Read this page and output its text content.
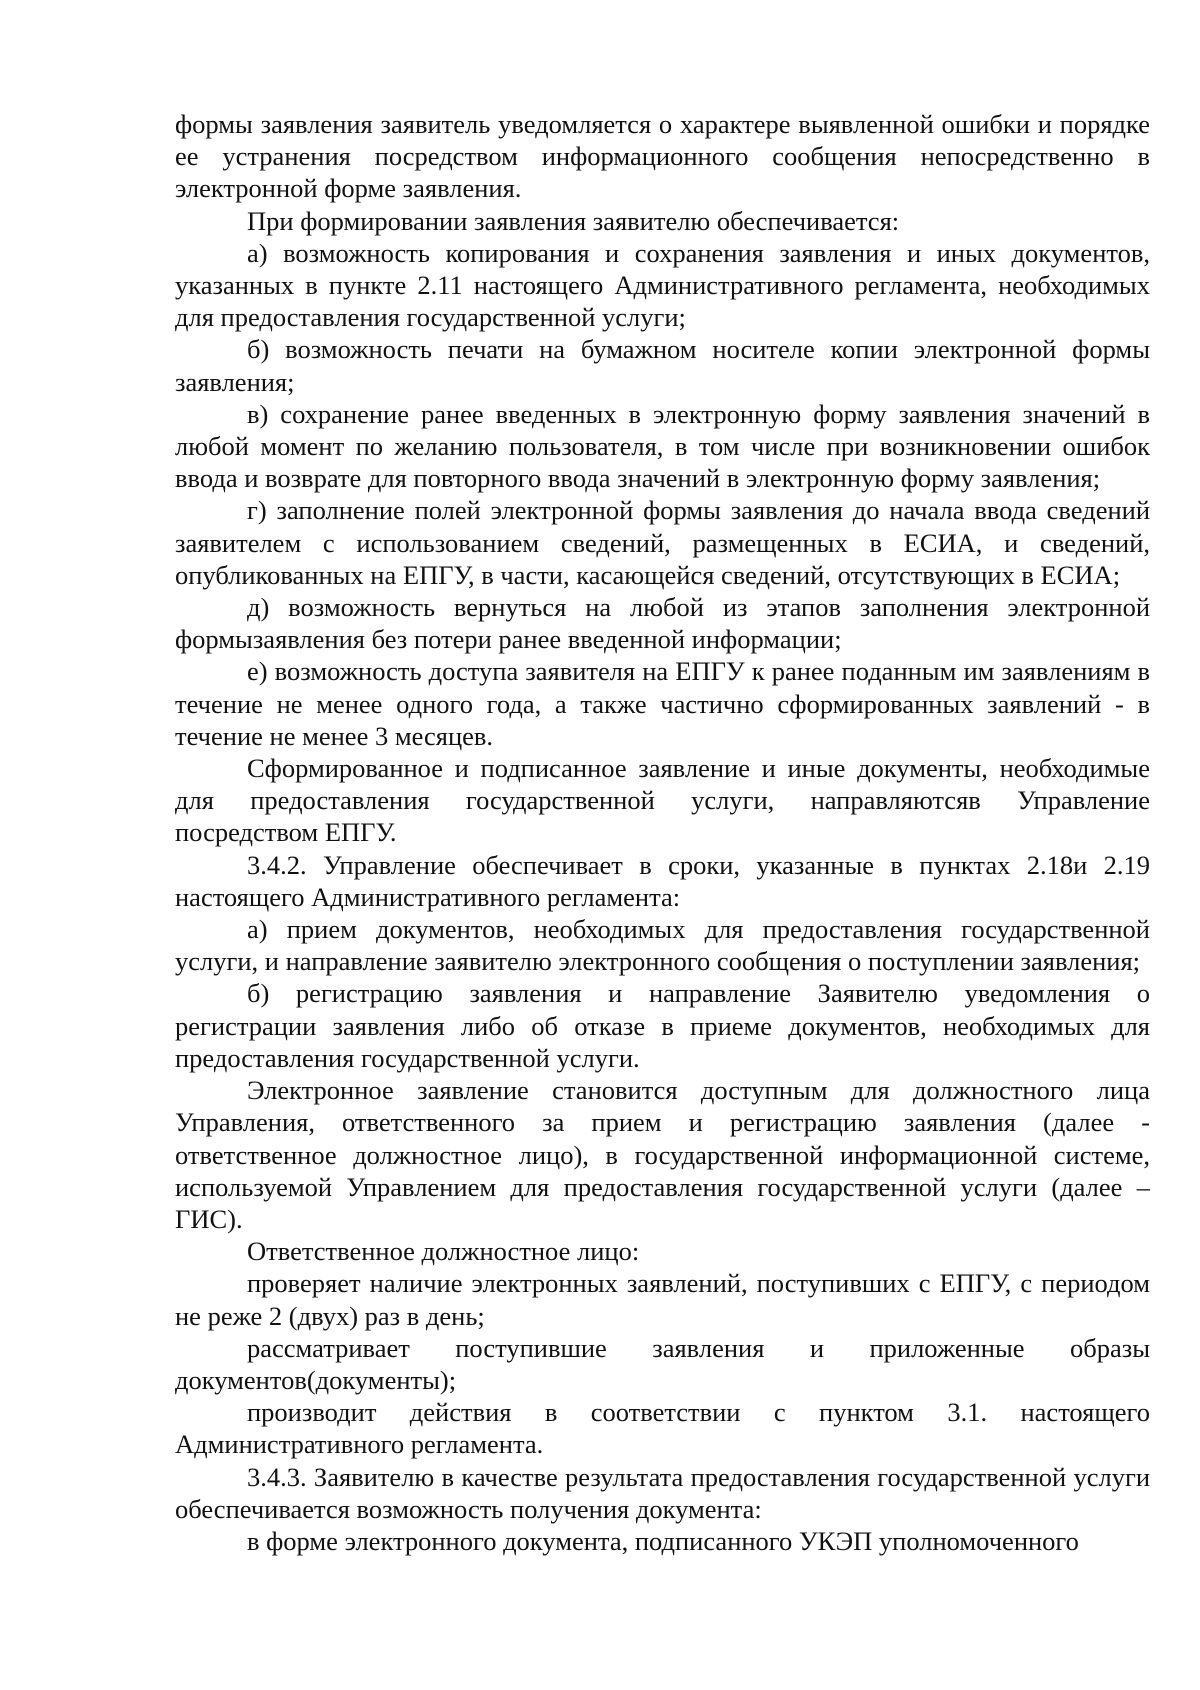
формы заявления заявитель уведомляется о характере выявленной ошибки и порядке ее устранения посредством информационного сообщения непосредственно в электронной форме заявления.

При формировании заявления заявителю обеспечивается:

а) возможность копирования и сохранения заявления и иных документов, указанных в пункте 2.11 настоящего Административного регламента, необходимых для предоставления государственной услуги;

б) возможность печати на бумажном носителе копии электронной формы заявления;

в) сохранение ранее введенных в электронную форму заявления значений в любой момент по желанию пользователя, в том числе при возникновении ошибок ввода и возврате для повторного ввода значений в электронную форму заявления;

г) заполнение полей электронной формы заявления до начала ввода сведений заявителем с использованием сведений, размещенных в ЕСИА, и сведений, опубликованных на ЕПГУ, в части, касающейся сведений, отсутствующих в ЕСИА;

д) возможность вернуться на любой из этапов заполнения электронной формызаявления без потери ранее введенной информации;

е) возможность доступа заявителя на ЕПГУ к ранее поданным им заявлениям в течение не менее одного года, а также частично сформированных заявлений - в течение не менее 3 месяцев.

Сформированное и подписанное заявление и иные документы, необходимые для предоставления государственной услуги, направляютсяв Управление посредством ЕПГУ.

3.4.2. Управление обеспечивает в сроки, указанные в пунктах 2.18и 2.19 настоящего Административного регламента:

а) прием документов, необходимых для предоставления государственной услуги, и направление заявителю электронного сообщения о поступлении заявления;

б) регистрацию заявления и направление Заявителю уведомления о регистрации заявления либо об отказе в приеме документов, необходимых для предоставления государственной услуги.

Электронное заявление становится доступным для должностного лица Управления, ответственного за прием и регистрацию заявления (далее - ответственное должностное лицо), в государственной информационной системе, используемой Управлением для предоставления государственной услуги (далее – ГИС).

Ответственное должностное лицо:

проверяет наличие электронных заявлений, поступивших с ЕПГУ, с периодом не реже 2 (двух) раз в день;

рассматривает поступившие заявления и приложенные образы документов(документы);

производит действия в соответствии с пунктом 3.1. настоящего Административного регламента.

3.4.3. Заявителю в качестве результата предоставления государственной услуги обеспечивается возможность получения документа:

в форме электронного документа, подписанного УКЭП уполномоченного
